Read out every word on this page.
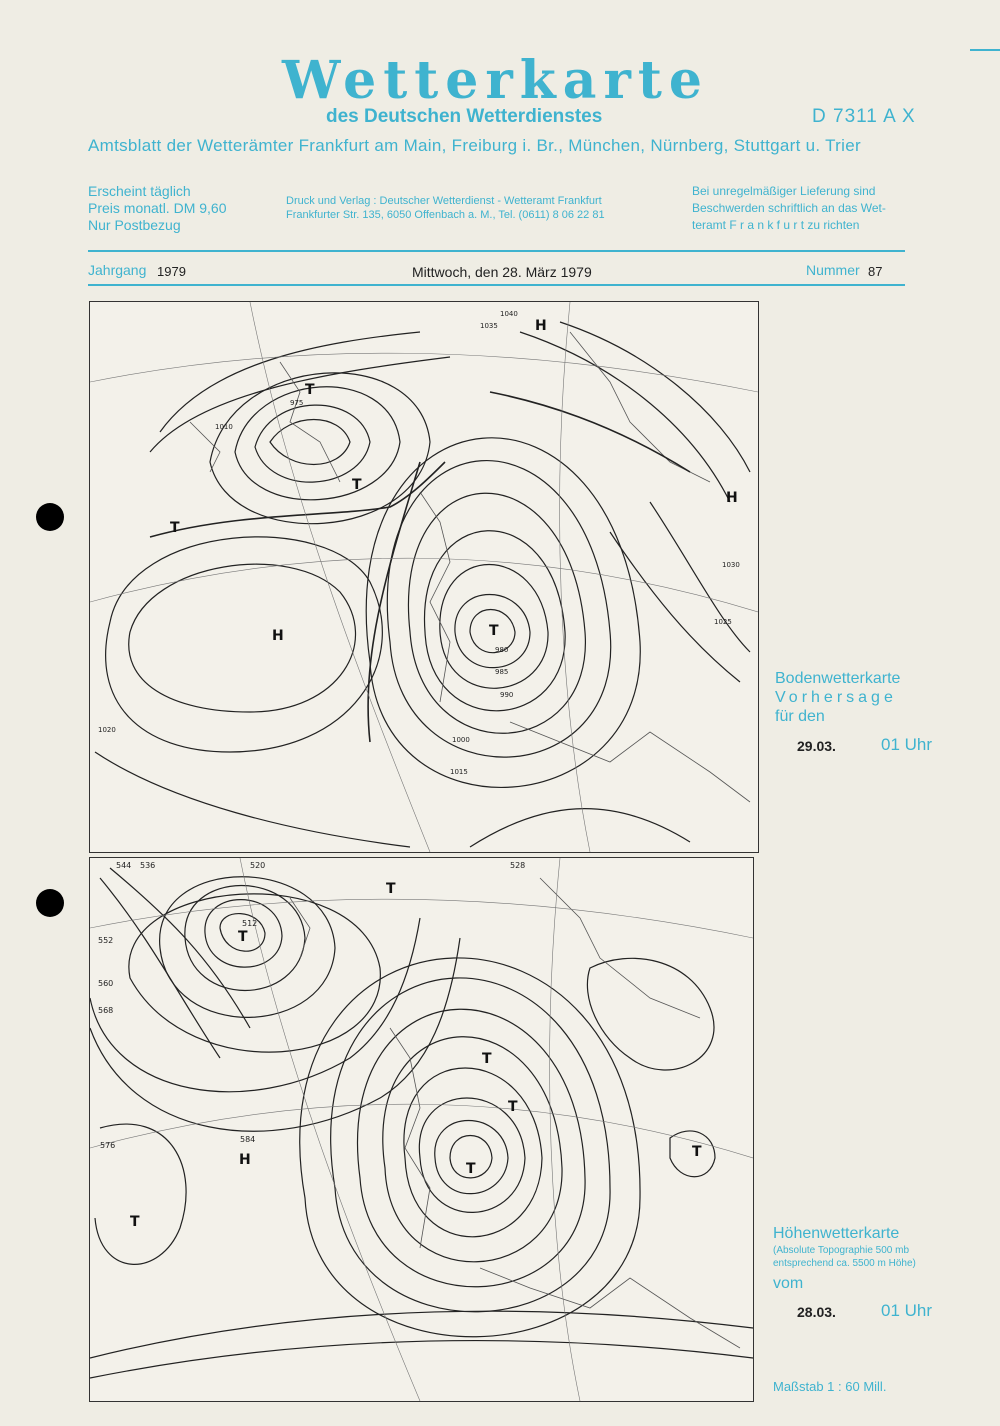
Wetterkarte
des Deutschen Wetterdienstes	D 7311 A X
Amtsblatt der Wetterämter Frankfurt am Main, Freiburg i. Br., München, Nürnberg, Stuttgart u. Trier
Erscheint täglich
Preis monatl. DM 9,60
Nur Postbezug
Druck und Verlag : Deutscher Wetterdienst - Wetteramt Frankfurt
Frankfurter Str. 135, 6050 Offenbach a. M., Tel. (0611) 8 06 22 81
Bei unregelmäßiger Lieferung sind
Beschwerden schriftlich an das Wet-
teramt F r a n k f u r t zu richten
Jahrgang 1979	Mittwoch, den 28. März 1979	Nummer 87
T
T
T
T
H
H
H
1040
1035
1030
1025
1020
1015
1010
1000
990
985
980
975
Bodenwetterkarte
Vorhersage
für den
29.03.	01 Uhr
T
T
T
T
T
H
T
T
544 536	528
520
512
552
560
568
576
584
Höhenwetterkarte
(Absolute Topographie 500 mb
entsprechend ca. 5500 m Höhe)
vom
28.03.	01 Uhr
Maßstab 1 : 60 Mill.
